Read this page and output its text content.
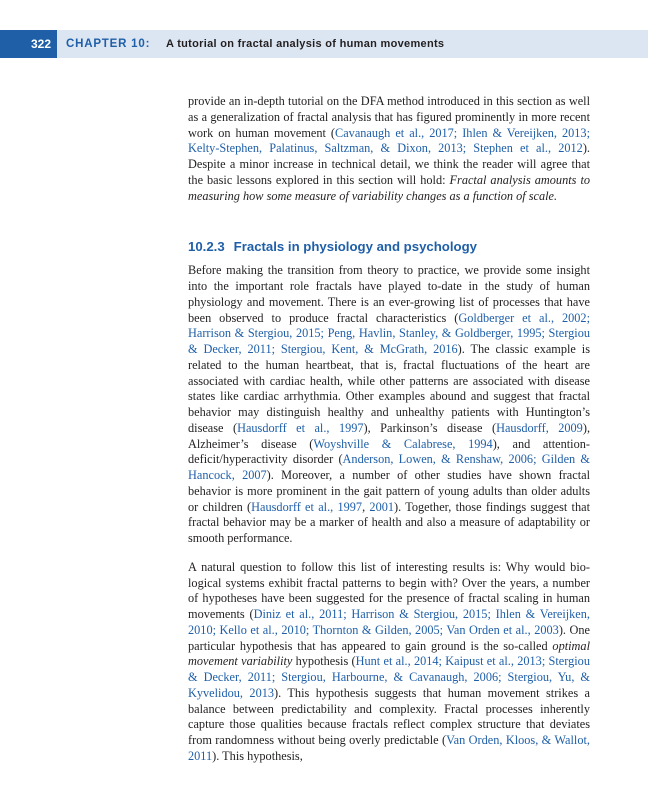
322	CHAPTER 10: A tutorial on fractal analysis of human movements

provide an in-depth tutorial on the DFA method introduced in this section as well as a generalization of fractal analysis that has figured prominently in more recent work on human movement (Cavanaugh et al., 2017; Ihlen & Vereijken, 2013; Kelty-Stephen, Palatinus, Saltzman, & Dixon, 2013; Stephen et al., 2012). Despite a minor increase in technical detail, we think the reader will agree that the basic lessons explored in this section will hold: Fractal analysis amounts to measuring how some measure of variability changes as a function of scale.

10.2.3 Fractals in physiology and psychology

Before making the transition from theory to practice, we provide some insight into the important role fractals have played to-date in the study of human physiology and movement. There is an ever-growing list of processes that have been observed to produce fractal characteristics (Goldberger et al., 2002; Harrison & Stergiou, 2015; Peng, Havlin, Stanley, & Goldberger, 1995; Stergiou & Decker, 2011; Stergiou, Kent, & McGrath, 2016). The classic example is related to the human heartbeat, that is, fractal fluctuations of the heart are associated with cardiac health, while other patterns are associated with disease states like cardiac arrhythmia. Other examples abound and suggest that fractal behavior may distinguish healthy and unhealthy patients with Huntington’s disease (Hausdorff et al., 1997), Parkinson’s disease (Hausdorff, 2009), Alzheimer’s disease (Woyshville & Calabrese, 1994), and attention-deficit/hyperactivity disorder (Anderson, Lowen, & Renshaw, 2006; Gilden & Hancock, 2007). Moreover, a number of other studies have shown fractal behavior is more prominent in the gait pattern of young adults than older adults or children (Hausdorff et al., 1997, 2001). Together, those findings suggest that fractal behavior may be a marker of health and also a measure of adaptability or smooth performance.

A natural question to follow this list of interesting results is: Why would biological systems exhibit fractal patterns to begin with? Over the years, a number of hypotheses have been suggested for the presence of fractal scaling in human movements (Diniz et al., 2011; Harrison & Stergiou, 2015; Ihlen & Vereijken, 2010; Kello et al., 2010; Thornton & Gilden, 2005; Van Orden et al., 2003). One particular hypothesis that has appeared to gain ground is the so-called optimal movement variability hypothesis (Hunt et al., 2014; Kaipust et al., 2013; Stergiou & Decker, 2011; Stergiou, Harbourne, & Cavanaugh, 2006; Stergiou, Yu, & Kyvelidou, 2013). This hypothesis suggests that human movement strikes a balance between predictability and complexity. Fractal processes inherently capture those qualities because fractals reflect complex structure that deviates from randomness without being overly predictable (Van Orden, Kloos, & Wallot, 2011). This hypothesis,
